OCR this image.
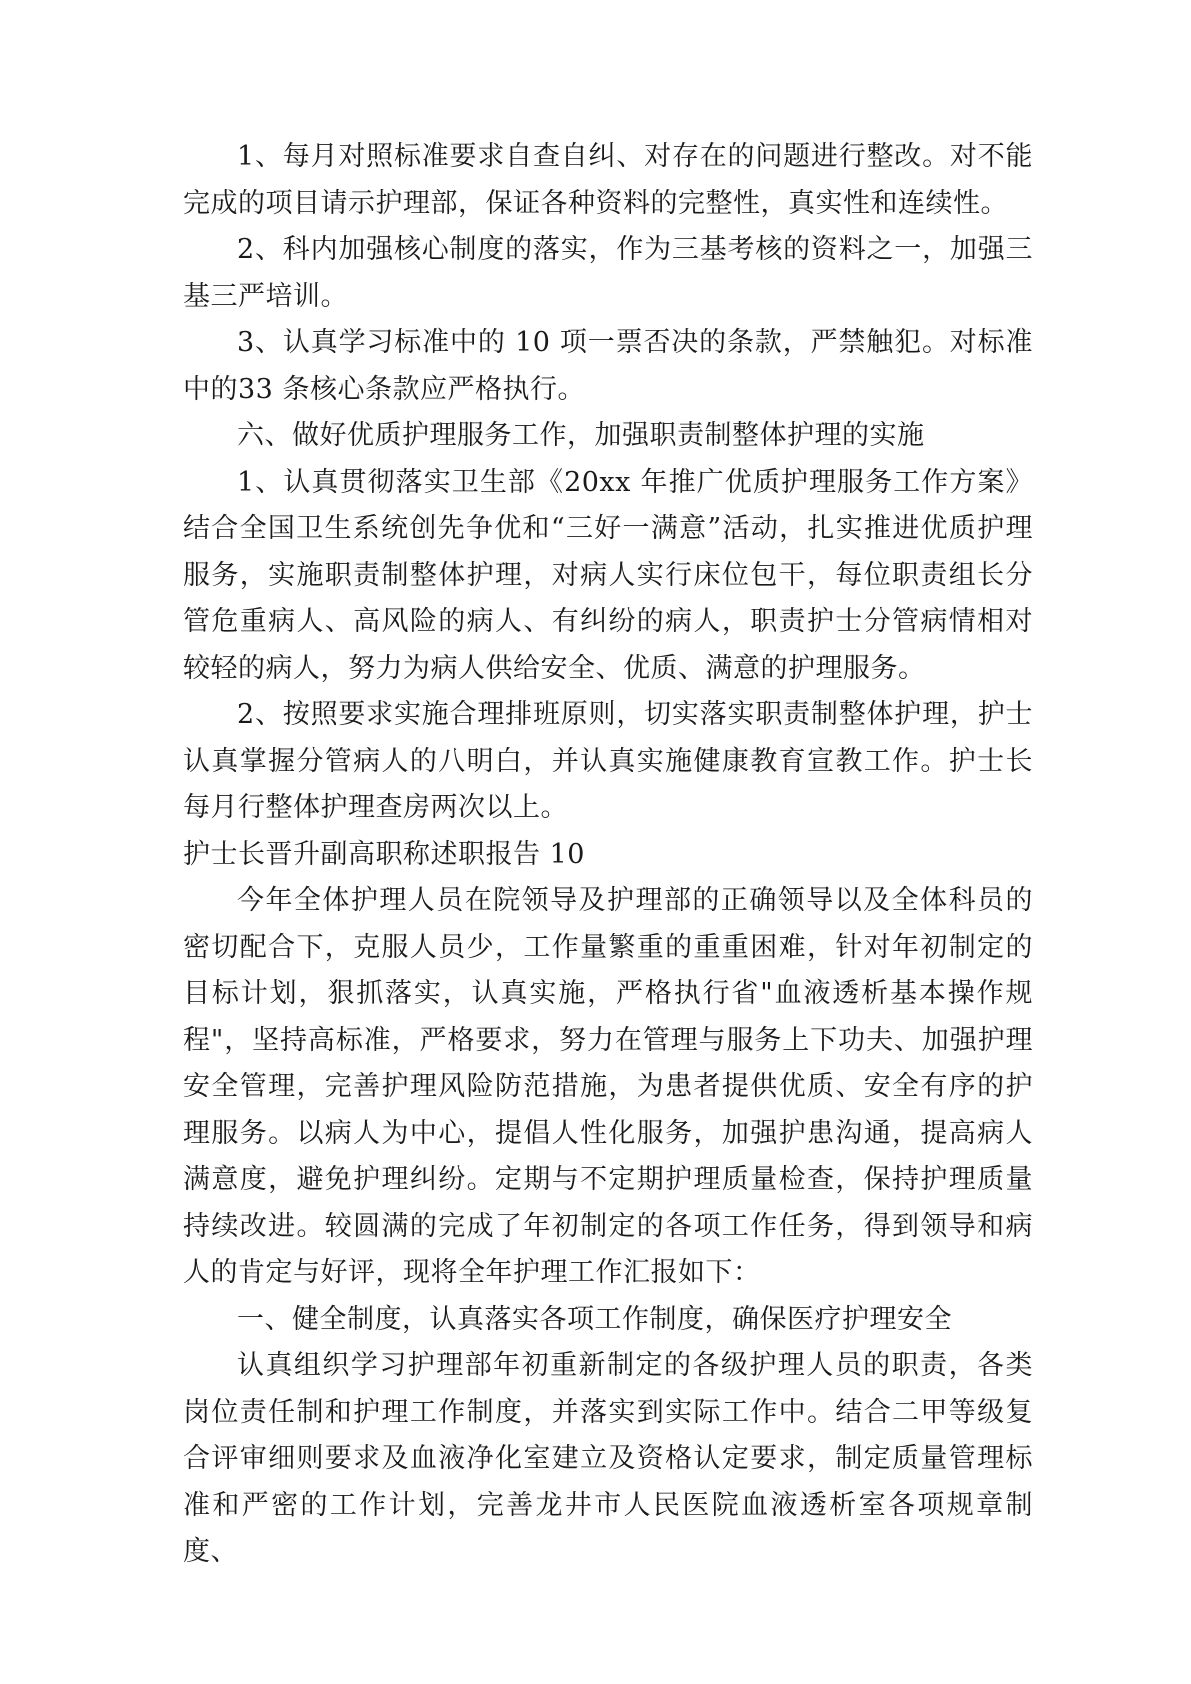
1、每月对照标准要求自查自纠、对存在的问题进行整改。对不能完成的项目请示护理部，保证各种资料的完整性，真实性和连续性。

2、科内加强核心制度的落实，作为三基考核的资料之一，加强三基三严培训。

3、认真学习标准中的 10 项一票否决的条款，严禁触犯。对标准中的33 条核心条款应严格执行。

六、做好优质护理服务工作，加强职责制整体护理的实施

1、认真贯彻落实卫生部《20xx 年推广优质护理服务工作方案》结合全国卫生系统创先争优和“三好一满意”活动，扎实推进优质护理服务，实施职责制整体护理，对病人实行床位包干，每位职责组长分管危重病人、高风险的病人、有纠纷的病人，职责护士分管病情相对较轻的病人，努力为病人供给安全、优质、满意的护理服务。

2、按照要求实施合理排班原则，切实落实职责制整体护理，护士认真掌握分管病人的八明白，并认真实施健康教育宣教工作。护士长每月行整体护理查房两次以上。

护士长晋升副高职称述职报告 10

今年全体护理人员在院领导及护理部的正确领导以及全体科员的密切配合下，克服人员少，工作量繁重的重重困难，针对年初制定的目标计划，狠抓落实，认真实施，严格执行省"血液透析基本操作规程"，坚持高标准，严格要求，努力在管理与服务上下功夫、加强护理安全管理，完善护理风险防范措施，为患者提供优质、安全有序的护理服务。以病人为中心，提倡人性化服务，加强护患沟通，提高病人满意度，避免护理纠纷。定期与不定期护理质量检查，保持护理质量持续改进。较圆满的完成了年初制定的各项工作任务，得到领导和病人的肯定与好评，现将全年护理工作汇报如下：

一、健全制度，认真落实各项工作制度，确保医疗护理安全

认真组织学习护理部年初重新制定的各级护理人员的职责，各类岗位责任制和护理工作制度，并落实到实际工作中。结合二甲等级复合评审细则要求及血液净化室建立及资格认定要求，制定质量管理标准和严密的工作计划，完善龙井市人民医院血液透析室各项规章制度、
